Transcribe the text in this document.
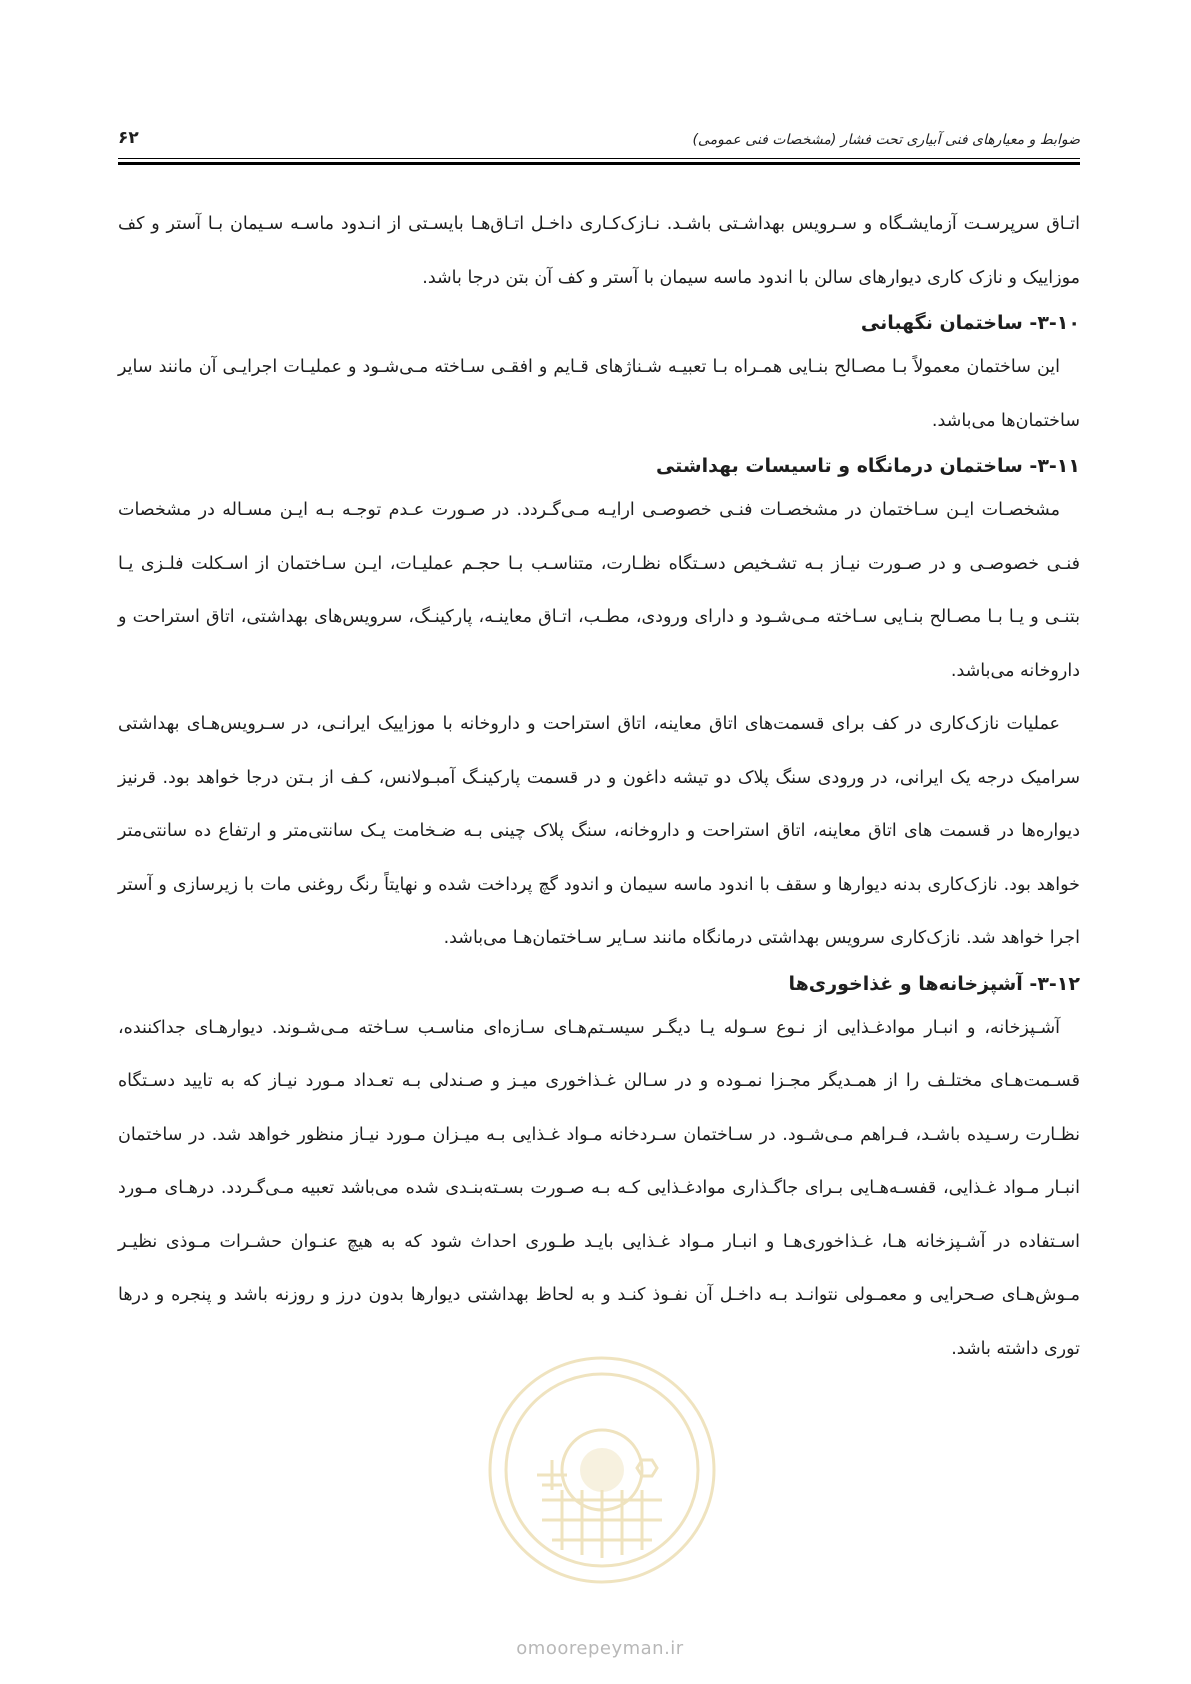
۶۲	ضوابط و معیارهای فنی آبیاری تحت فشار (مشخصات فنی عمومی)

اتـاق سرپرسـت آزمایشـگاه و سـرویس بهداشـتی باشـد. نـازک‌کـاری داخـل اتـاق‌هـا بایسـتی از انـدود ماسـه سـیمان بـا آستر و کف موزاییک و نازک کاری دیوارهای سالن با اندود ماسه سیمان با آستر و کف آن بتن درجا باشد.

۳-۱۰- ساختمان نگهبانی

این ساختمان معمولاً بـا مصـالح بنـایی همـراه بـا تعبیـه شـناژهای قـایم و افقـی سـاخته مـی‌شـود و عملیـات اجرایـی آن مانند سایر ساختمان‌ها می‌باشد.

۳-۱۱- ساختمان درمانگاه و تاسیسات بهداشتی

مشخصـات ایـن سـاختمان در مشخصـات فنـی خصوصـی ارایـه مـی‌گـردد. در صـورت عـدم توجـه بـه ایـن مسـاله در مشخصات فنـی خصوصـی و در صـورت نیـاز بـه تشـخیص دسـتگاه نظـارت، متناسـب بـا حجـم عملیـات، ایـن سـاختمان از اسـکلت فلـزی یـا بتنـی و یـا بـا مصـالح بنـایی سـاخته مـی‌شـود و دارای ورودی، مطـب، اتـاق معاینـه، پارکینـگ، سرویس‌های بهداشتی، اتاق استراحت و داروخانه می‌باشد.

عملیات نازک‌کاری در کف برای قسمت‌های اتاق معاینه، اتاق استراحت و داروخانه با موزاییک ایرانـی، در سـرویس‌هـای بهداشتی سرامیک درجه یک ایرانی، در ورودی سنگ پلاک دو تیشه داغون و در قسمت پارکینـگ آمبـولانس، کـف از بـتن درجا خواهد بود. قرنیز دیواره‌ها در قسمت های اتاق معاینه، اتاق استراحت و داروخانه، سنگ پلاک چینی بـه ضـخامت یـک سانتی‌متر و ارتفاع ده سانتی‌متر خواهد بود. نازک‌کاری بدنه دیوارها و سقف با اندود ماسه سیمان و اندود گچ پرداخت شده و نهایتاً رنگ روغنی مات با زیرسازی و آستر اجرا خواهد شد. نازک‌کاری سرویس بهداشتی درمانگاه مانند سـایر سـاختمان‌هـا می‌باشد.

۳-۱۲- آشپزخانه‌ها و غذاخوری‌ها

آشـپزخانه، و انبـار موادغـذایی از نـوع سـوله یـا دیگـر سیسـتم‌هـای سـازه‌ای مناسـب سـاخته مـی‌شـوند. دیوارهـای جداکننده، قسـمت‌هـای مختلـف را از همـدیگر مجـزا نمـوده و در سـالن غـذاخوری میـز و صـندلی بـه تعـداد مـورد نیـاز که به تایید دسـتگاه نظـارت رسـیده باشـد، فـراهم مـی‌شـود. در سـاختمان سـردخانه مـواد غـذایی بـه میـزان مـورد نیـاز منظور خواهد شد. در ساختمان انبـار مـواد غـذایی، قفسـه‌هـایی بـرای جاگـذاری موادغـذایی کـه بـه صـورت بسـته‌بنـدی شده می‌باشد تعبیه مـی‌گـردد. درهـای مـورد اسـتفاده در آشـپزخانه هـا، غـذاخوری‌هـا و انبـار مـواد غـذایی بایـد طـوری احداث شود که به هیچ عنـوان حشـرات مـوذی نظیـر مـوش‌هـای صـحرایی و معمـولی نتوانـد بـه داخـل آن نفـوذ کنـد و به لحاظ بهداشتی دیوارها بدون درز و روزنه باشد و پنجره و درها توری داشته باشد.

omoorepeyman.ir
